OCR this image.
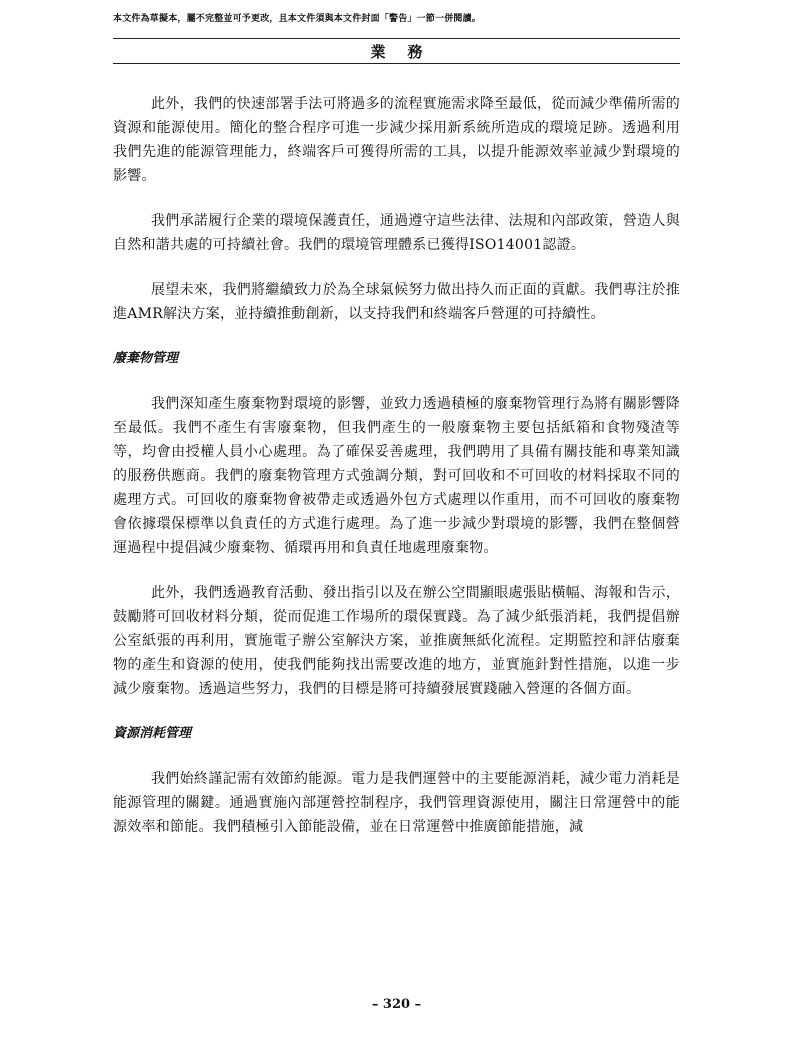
本文件為草擬本，屬不完整並可予更改，且本文件須與本文件封面「警告」一節一併閱讀。
業務

此外，我們的快速部署手法可將過多的流程實施需求降至最低，從而減少準備所需的資源和能源使用。簡化的整合程序可進一步減少採用新系統所造成的環境足跡。透過利用我們先進的能源管理能力，終端客戶可獲得所需的工具，以提升能源效率並減少對環境的影響。

我們承諾履行企業的環境保護責任，通過遵守這些法律、法規和內部政策，營造人與自然和諧共處的可持續社會。我們的環境管理體系已獲得ISO14001認證。

展望未來，我們將繼續致力於為全球氣候努力做出持久而正面的貢獻。我們專注於推進AMR解決方案，並持續推動創新，以支持我們和終端客戶營運的可持續性。

廢棄物管理

我們深知產生廢棄物對環境的影響，並致力透過積極的廢棄物管理行為將有關影響降至最低。我們不產生有害廢棄物，但我們產生的一般廢棄物主要包括紙箱和食物殘渣等等，均會由授權人員小心處理。為了確保妥善處理，我們聘用了具備有關技能和專業知識的服務供應商。我們的廢棄物管理方式強調分類，對可回收和不可回收的材料採取不同的處理方式。可回收的廢棄物會被帶走或透過外包方式處理以作重用，而不可回收的廢棄物會依據環保標準以負責任的方式進行處理。為了進一步減少對環境的影響，我們在整個營運過程中提倡減少廢棄物、循環再用和負責任地處理廢棄物。

此外，我們透過教育活動、發出指引以及在辦公空間顯眼處張貼橫幅、海報和告示，鼓勵將可回收材料分類，從而促進工作場所的環保實踐。為了減少紙張消耗，我們提倡辦公室紙張的再利用，實施電子辦公室解決方案，並推廣無紙化流程。定期監控和評估廢棄物的產生和資源的使用，使我們能夠找出需要改進的地方，並實施針對性措施，以進一步減少廢棄物。透過這些努力，我們的目標是將可持續發展實踐融入營運的各個方面。

資源消耗管理

我們始終謹記需有效節約能源。電力是我們運營中的主要能源消耗，減少電力消耗是能源管理的關鍵。通過實施內部運營控制程序，我們管理資源使用，關注日常運營中的能源效率和節能。我們積極引入節能設備，並在日常運營中推廣節能措施，減

– 320 –
